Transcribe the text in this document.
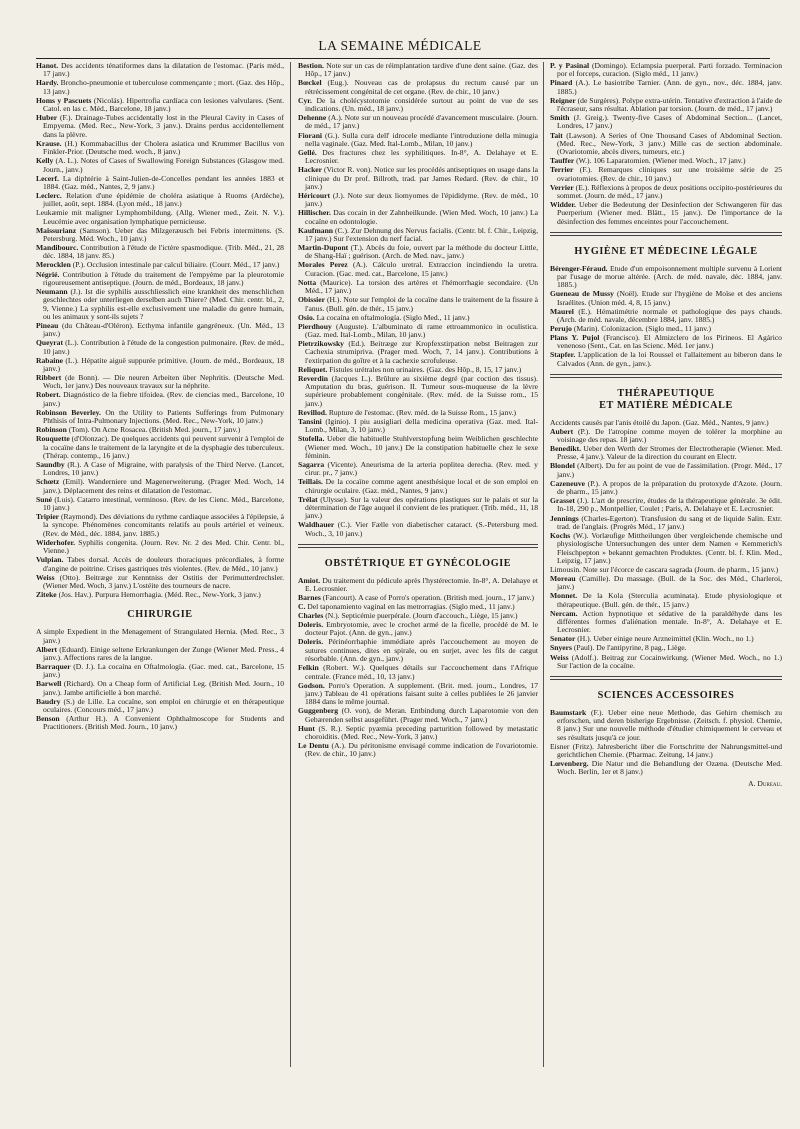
LA SEMAINE MÉDICALE
Hanot. Des accidents ténatiformes dans la dilatation de l'estomac. (Paris méd., 17 janv.)
Hardy. Broncho-pneumonie et tuberculose commençante ; mort. (Gaz. des Hôp., 13 janv.)
Homs y Pascuets (Nicolás). Hipertrofia cardíaca con lesiones valvulares. (Sent. Catol. en las c. Méd., Barcelone, 18 janv.)
Huber (F.). Drainage-Tubes accidentally lost in the Pleural Cavity in Cases of Empyema. (Med. Rec., New-York, 3 janv.). Drains perdus accidentellement dans la plèvre.
Krause. (H.) Kommabacillus der Cholera asiatica und Krummer Bacillus von Finkler-Prior. (Deutsche med. woch., 8 janv.)
Kelly (A. L.). Notes of Cases of Swallowing Foreign Substances (Glasgow med. Journ., janv.)
Lecerf. La diphtérie à Saint-Julien-de-Concelles pendant les années 1883 et 1884. (Gaz. méd., Nantes, 2, 9 janv.)
Leclerc. Relation d'une épidémie de choléra asiatique à Ruoms (Ardèche), juillet, août, sept. 1884. (Lyon méd., 18 janv.)
Leukæmie mit maligner Lymphombildung. (Allg. Wiener med., Zeit. N. V.). Leucémie avec organisation lymphatique pernicieuse.
Maissurianz (Samson). Ueber das Milzgeræusch bei Febris intermittens. (S. Petersburg. Méd. Woch., 10 janv.)
Mandibourc. Contribution à l'étude de l'ictère spasmodique. (Trib. Méd., 21, 28 déc. 1884, 18 janv. 85.)
Merocklen (P.). Occlusion intestinale par calcul biliaire. (Courr. Méd., 17 janv.)
Négrié. Contribution à l'étude du traitement de l'empyème par la pleurotomie rigoureusement antiseptique. (Journ. de méd., Bordeaux, 18 janv.)
Neumann (J.). Ist die syphilis ausschliesslich eine krankheit des menschlichen geschlechtes oder unterliegen derselben auch Thiere? (Med. Chir. centr. bl., 2, 9, Vienne.) La syphilis est-elle exclusivement une maladie du genre humain, ou les animaux y sont-ils sujets ?
Pineau (du Château-d'Oléron). Ecthyma infantile gangréneux. (Un. Méd., 13 janv.)
Queyrat (L.). Contribution à l'étude de la congestion pulmonaire. (Rev. de méd., 10 janv.)
Rabaine (L.). Hépatite aiguë suppurée primitive. (Journ. de méd., Bordeaux, 18 janv.)
Ribbert (de Bonn). — Die neuren Arbeiten über Nephritis. (Deutsche Med. Woch, 1er janv.) Des nouveaux travaux sur la néphrite.
Robert. Diagnóstico de la fiebre tifoidea. (Rev. de ciencias med., Barcelone, 10 janv.)
Robinson Beverley. On the Utility to Patients Sufferings from Pulmonary Phthisis of Intra-Pulmonary Injections. (Med. Rec., New-York, 10 janv.)
Robinson (Tom). On Acne Rosacea. (British Med. journ., 17 janv.)
Rouquette (d'Olonzac). De quelques accidents qui peuvent survenir à l'emploi de la cocaïne dans le traitement de la laryngite et de la dysphagie des tuberculeux. (Thérap. contemp., 16 janv.)
Saundby (R.). A Case of Migraine, with paralysis of the Third Nerve. (Lancet, Londres, 10 janv.)
Schœtz (Emil). Wanderniere und Magenerweiterung. (Prager Med. Woch, 14 janv.). Déplacement des reins et dilatation de l'estomac.
Suné (Luis). Catarro intestinal, verminoso. (Rev. de les Cienc. Méd., Barcelone, 10 janv.)
Tripier (Raymond). Des déviations du rythme cardiaque associées à l'épilepsie, à la syncope. Phénomènes concomitants relatifs au pouls artériel et veineux. (Rev. de Méd., déc. 1884, janv. 1885.)
Widerhofer. Syphilis congenita. (Journ. Rev. Nr. 2 des Med. Chir. Centr. bl., Vienne.)
Vulpian. Tabes dorsal. Accès de douleurs thoraciques précordiales, à forme d'angine de poitrine. Crises gastriques très violentes. (Rev. de Méd., 10 janv.)
Weiss (Otto). Beitræge zur Kenntniss der Ostitis der Perimutterdrechsler. (Wiener Med. Woch, 3 janv.) L'ostéite des tourneurs de nacre.
Ziteke (Jos. Hav.). Purpura Hemorrhagia. (Méd. Rec., New-York, 3 janv.)
CHIRURGIE
A simple Expedient in the Menagement of Strangulated Hernia. (Med. Rec., 3 janv.)
Albert (Eduard). Einige seltene Erkrankungen der Zunge (Wiener Med. Press., 4 janv.). Affections rares de la langue.
Barraquer (D. J.). La cocaína en Oftalmología. (Gac. med. cat., Barcelone, 15 janv.)
Barwell (Richard). On a Cheap form of Artificial Leg. (British Med. Journ., 10 janv.). Jambe artificielle à bon marché.
Baudry (S.) de Lille. La cocaïne, son emploi en chirurgie et en thérapeutique oculaires. (Concours méd., 17 janv.)
Benson (Arthur H.). A Convenient Ophthalmoscope for Students and Practitioners. (British Med. Journ., 10 janv.)
Bestion. Note sur un cas de réimplantation tardive d'une dent saine. (Gaz. des Hôp., 17 janv.)
Bœckel (Eug.). Nouveau cas de prolapsus du rectum causé par un rétrécissement congénital de cet organe. (Rev. de chir., 10 janv.)
Cyr. De la cholécystotomie considérée surtout au point de vue de ses indications. (Un. méd., 18 janv.)
Dehenne (A.). Note sur un nouveau procédé d'avancement musculaire. (Journ. de méd., 17 janv.)
Fiorani (G.). Sulla cura dell' idrocele mediante l'introduzione della minugia nella vaginale. (Gaz. Med. Ital-Lomb., Milan, 10 janv.)
Gellé. Des fractures chez les syphilitiques. In-8°, A. Delahaye et E. Lecrosnier.
Hacker (Victor R. von). Notice sur les procédés antiseptiques en usage dans la clinique du Dr prof. Billroth, trad. par James Redard. (Rev. de chir., 10 janv.)
Héricourt (J.). Note sur deux liomyomes de l'épididyme. (Rev. de méd., 10 janv.)
Hillischer. Das cocain in der Zahnheilkunde. (Wien Med. Woch, 10 janv.) La cocaïne en odontologie.
Kaufmann (C.). Zur Dehnung des Nervus facialis. (Centr. bl. f. Chir., Leipzig, 17 janv.) Sur l'extension du nerf facial.
Martin-Dupont (T.). Abcès du foie, ouvert par la méthode du docteur Little, de Shang-Haï ; guérison. (Arch. de Med. nav., janv.)
Morales Perez (A.). Cálculo uretral. Extraccion incindiendo la uretra. Curacion. (Gac. med. cat., Barcelone, 15 janv.)
Notta (Maurice). La torsion des artères et l'hémorrhagie secondaire. (Un Méd., 17 janv.)
Obissier (H.). Note sur l'emploi de la cocaïne dans le traitement de la fissure à l'anus. (Bull. gén. de thér., 15 janv.)
Osio. La cocaína en oftalmología. (Siglo Med., 11 janv.)
Pierdhouy (Auguste). L'albuminato di rame ettroammonico in oculistica. (Gaz. med. Ital-Lomb., Milan, 10 janv.)
Pietrzikowsky (Ed.). Beitræge zur Kropfexstirpation nebst Beitragen zur Cachexia strumipriva. (Prager med. Woch, 7, 14 janv.). Contributions à l'extirpation du goître et à la cachexie scrofuleuse.
Reliquet. Fistules urétrales non urinaires. (Gaz. des Hôp., 8, 15, 17 janv.)
Reverdin (Jacques L.). Brûlure au sixième degré (par coction des tissus). Amputation du bras, guérison. II. Tumeur sous-muqueuse de la lèvre supérieure probablement congénitale. (Rev. méd. de la Suisse rom., 15 janv.)
Revillod. Rupture de l'estomac. (Rev. méd. de la Suisse Rom., 15 janv.)
Tansini (Iginio). I piu ausigliari della medicina operativa (Gaz. med. Ital-Lomb., Milan, 3, 10 janv.)
Stofella. Ueber die habituelle Stuhlverstopfung beim Weiblichen geschlechte (Wiener med. Woch., 10 janv.) De la constipation habituelle chez le sexe féminin.
Sagarra (Vicente). Aneurisma de la arteria poplitea derecha. (Rev. med. y cirur. pr., 7 janv.)
Teillais. De la cocaïne comme agent anesthésique local et de son emploi en chirurgie oculaire. (Gaz. méd., Nantes, 9 janv.)
Trélat (Ulysse). Sur la valeur des opérations plastiques sur le palais et sur la détermination de l'âge auquel il convient de les pratiquer. (Trib. méd., 11, 18 janv.)
Waldhauer (C.). Vier Fælle von diabetischer cataract. (S.-Petersburg med. Woch., 3, 10 janv.)
OBSTÉTRIQUE ET GYNÉCOLOGIE
Amiot. Du traitement du pédicule après l'hystérectomie. In-8°, A. Delahaye et E. Lecrosnier.
Barnes (Fancourt). A case of Porro's operation. (British med. journ., 17 janv.)
C. Del taponamiento vaginal en las metrorragias. (Siglo med., 11 janv.)
Charles (N.). Septicémie puerpérale. (Journ d'accouch., Liège, 15 janv.)
Doleris. Embryotomie, avec le crochet armé de la ficelle, procédé de M. le docteur Pajot. (Ann. de gyn., janv.)
Doleris. Périnéorrhaphie immédiate après l'accouchement au moyen de sutures continues, dites en spirale, ou en surjet, avec les fils de catgut résorbable. (Ann. de gyn., janv.)
Felkin (Robert. W.). Quelques détails sur l'accouchement dans l'Afrique centrale. (France méd., 10, 13 janv.)
Godson. Porro's Operation. A supplement. (Brit. med. journ., Londres, 17 janv.) Tableau de 41 opérations faisant suite à celles publiées le 26 janvier 1884 dans le même journal.
Guggenberg (O. von), de Meran. Entbindung durch Laparotomie von den Gebærenden selbst ausgeführt. (Prager med. Woch., 7 janv.)
Hunt (S. R.). Septic pyæmia preceding parturition followed by metastatic choroiditis. (Med. Rec., New-York, 3 janv.)
Le Dentu (A.). Du péritonisme envisagé comme indication de l'ovariotomie. (Rev. de chir., 10 janv.)
P. y Pasinal (Domingo). Eclampsia puerperal. Parti forzado. Terminacion por el forceps, curacion. (Siglo méd., 11 janv.)
Pinard (A.). Le basiotribe Tarnier. (Ann. de gyn., nov., déc. 1884, janv. 1885.)
Reigner (de Surgères). Polype extra-utérin. Tentative d'extraction à l'aide de l'écraseur, sans résultat. Ablation par torsion. (Journ. de méd., 17 janv.)
Smith (J. Greig.). Twenty-five Cases of Abdominal Section... (Lancet, Londres, 17 janv.)
Tait (Lawson). A Series of One Thousand Cases of Abdominal Section. (Med. Rec., New-York, 3 janv.) Mille cas de section abdominale. (Ovariotomie, abcès divers, tumeurs, etc.)
Tauffer (W.). 106 Laparatomien. (Wiener med. Woch., 17 janv.)
Terrier (F.). Remarques cliniques sur une troisième série de 25 ovariotomies. (Rev. de chir., 10 janv.)
Verrier (E.). Réflexions à propos de deux positions occipito-postérieures du sommet. (Journ. de méd., 17 janv.)
Widder. Ueber die Bedeutung der Desinfection der Schwangeren für das Puerperium (Wiener med. Blätt., 15 janv.). De l'importance de la désinfection des femmes enceintes pour l'accouchement.
HYGIÈNE ET MÉDECINE LÉGALE
Bérenger-Féraud. Etude d'un empoisonnement multiple survenu à Lorient par l'usage de morue altérée. (Arch. de méd. navale, déc. 1884, janv. 1885.)
Gueneau de Mussy (Noël). Etude sur l'hygiène de Moïse et des anciens Israélites. (Union méd. 4, 8, 15 janv.)
Maurel (E.). Hématimétrie normale et pathologique des pays chauds. (Arch. de méd. navale, décembre 1884, janv. 1885.)
Perujo (Marin). Colonizacion. (Siglo med., 11 janv.)
Plans Y. Pujol (Francisco). El Almizclero de los Pirineos. El Agárico venenoso (Sent., Cat. en las Scienc. Méd. 1er janv.)
Stapfer. L'application de la loi Roussel et l'allaitement au biberon dans le Calvados (Ann. de gyn., janv.).
THÉRAPEUTIQUE
ET MATIÈRE MÉDICALE
Accidents causés par l'anis étoilé du Japon. (Gaz. Méd., Nantes, 9 janv.)
Aubert (P.). De l'atropine comme moyen de tolérer la morphine au voisinage des repas. 18 janv.)
Benedikt. Ueber den Werth der Stromes der Electrotherapie (Wiener. Med. Presse, 4 janv.). Valeur de la direction du courant en Electr.
Blondel (Albert). Du fer au point de vue de l'assimilation. (Progr. Méd., 17 janv.)
Cazeneuve (P.). A propos de la préparation du protoxyde d'Azote. (Journ. de pharm., 15 janv.)
Grasset (J.). L'art de prescrire, études de la thérapeutique générale. 3e édit. In-18, 290 p., Montpellier, Coulet ; Paris, A. Delahaye et E. Lecrosnier.
Jennings (Charles-Egerton). Transfusion du sang et de liquide Salin. Extr. trad. de l'anglais. (Progrès Méd., 17 janv.)
Kochs (W.). Vorlæufige Mittheilungen über vergleichende chemische und physiologische Untersuchungen des unter dem Namen « Kemmerich's Fleischpepton » bekannt gemachten Produktes. (Centr. bl. f. Klin. Med., Leipzig, 17 janv.)
Limousin. Note sur l'écorce de cascara sagrada (Journ. de pharm., 15 janv.)
Moreau (Camille). Du massage. (Bull. de la Soc. des Méd., Charleroi, janv.)
Monnet. De la Kola (Sterculia acuminata). Etude physiologique et thérapeutique. (Bull. gén. de thér., 15 janv.)
Nercam. Action hypnotique et sédative de la paraldéhyde dans les différentes formes d'aliénation mentale. In-8°, A. Delahaye et E. Lecrosnier.
Senator (H.). Ueber einige neure Arzneimittel (Klin. Woch., no 1.)
Snyers (Paul). De l'antipyrine, 8 pag., Liège.
Weiss (Adolf.). Beitrag zur Cocainwirkung. (Wiener Med. Woch., no 1.) Sur l'action de la cocaïne.
SCIENCES ACCESSOIRES
Baumstark (F.). Ueber eine neue Methode, das Gehirn chemisch zu erforschen, und deren bisherige Ergebnisse. (Zeitsch. f. physiol. Chemie, 8 janv.) Sur une nouvelle méthode d'étudier chimiquement le cerveau et ses résultats jusqu'à ce jour.
Eisner (Fritz). Jahresbericht über die Fortschritte der Nahrungsmittel-und gerichtlichen Chemie. (Pharmac. Zeitung, 14 janv.)
Lœvenberg. Die Natur und die Behandlung der Ozæna. (Deutsche Med. Woch. Berlin, 1er et 8 janv.)
A. Dureau.
